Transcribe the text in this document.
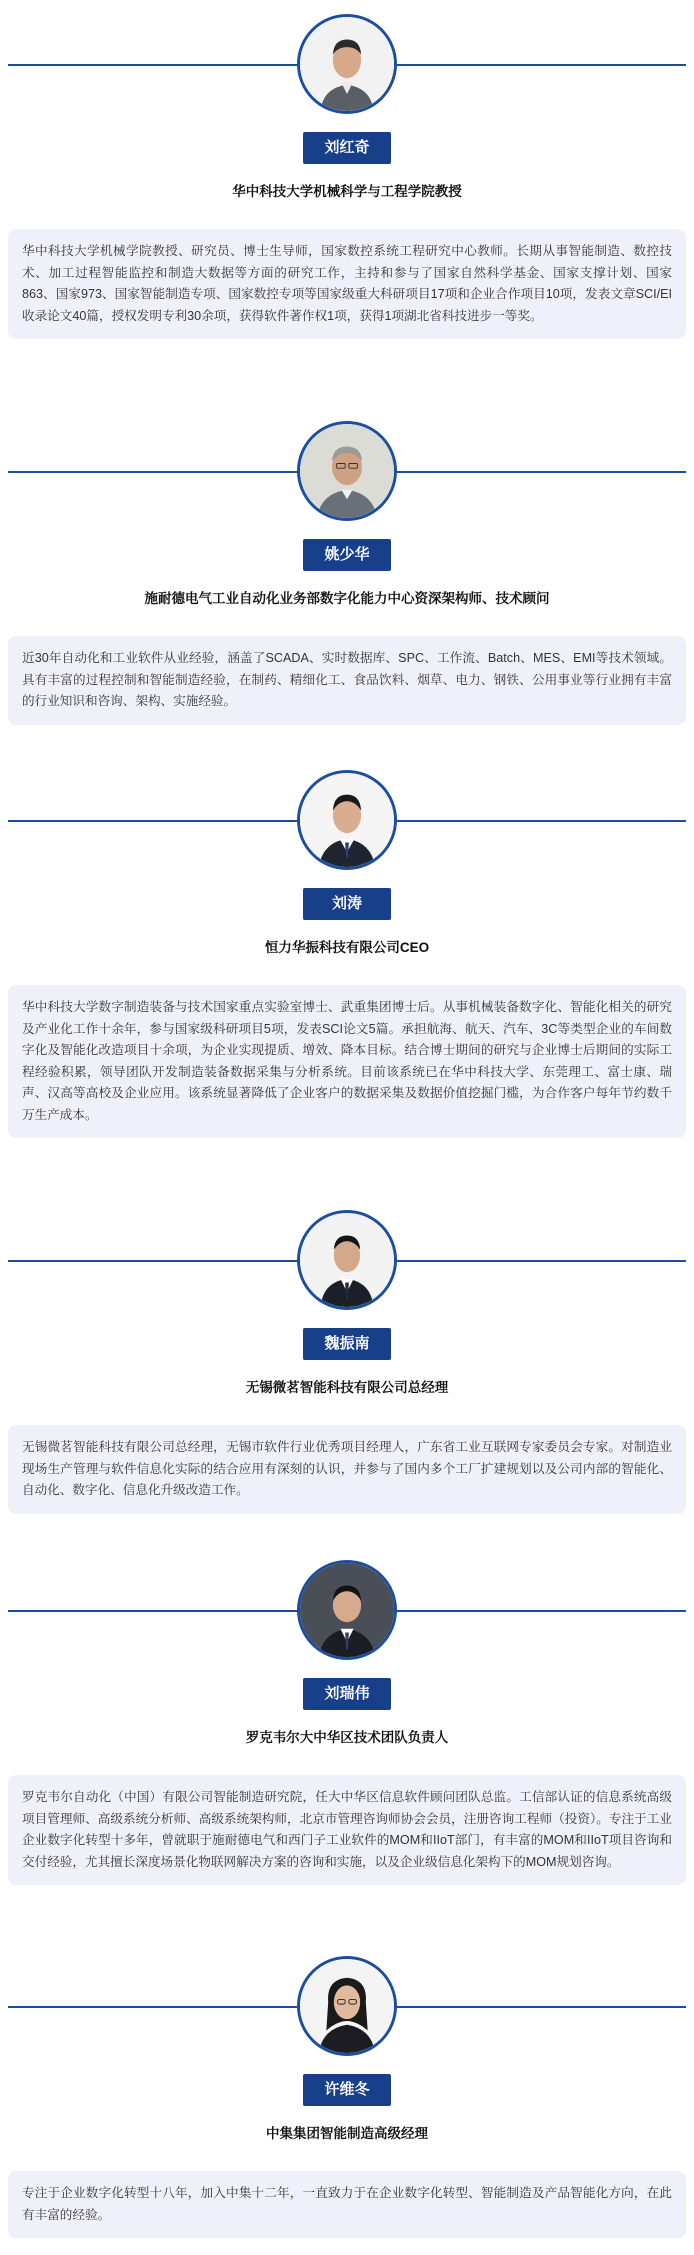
刘红奇
华中科技大学机械科学与工程学院教授
华中科技大学机械学院教授、研究员、博士生导师，国家数控系统工程研究中心教师。长期从事智能制造、数控技术、加工过程智能监控和制造大数据等方面的研究工作，主持和参与了国家自然科学基金、国家支撑计划、国家863、国家973、国家智能制造专项、国家数控专项等国家级重大科研项目17项和企业合作项目10项，发表文章SCI/EI 收录论文40篇，授权发明专利30余项，获得软件著作权1项，获得1项湖北省科技进步一等奖。
姚少华
施耐德电气工业自动化业务部数字化能力中心资深架构师、技术顾问
近30年自动化和工业软件从业经验，涵盖了SCADA、实时数据库、SPC、工作流、Batch、MES、EMI等技术领域。具有丰富的过程控制和智能制造经验，在制药、精细化工、食品饮料、烟草、电力、钢铁、公用事业等行业拥有丰富的行业知识和咨询、架构、实施经验。
刘涛
恒力华振科技有限公司CEO
华中科技大学数字制造装备与技术国家重点实验室博士、武重集团博士后。从事机械装备数字化、智能化相关的研究及产业化工作十余年，参与国家级科研项目5项，发表SCI论文5篇。承担航海、航天、汽车、3C等类型企业的车间数字化及智能化改造项目十余项，为企业实现提质、增效、降本目标。结合博士期间的研究与企业博士后期间的实际工程经验积累，领导团队开发制造装备数据采集与分析系统。目前该系统已在华中科技大学、东莞理工、富士康、瑞声、汉高等高校及企业应用。该系统显著降低了企业客户的数据采集及数据价值挖掘门槛，为合作客户每年节约数千万生产成本。
魏振南
无锡微茗智能科技有限公司总经理
无锡微茗智能科技有限公司总经理，无锡市软件行业优秀项目经理人，广东省工业互联网专家委员会专家。对制造业现场生产管理与软件信息化实际的结合应用有深刻的认识，并参与了国内多个工厂扩建规划以及公司内部的智能化、自动化、数字化、信息化升级改造工作。
刘瑞伟
罗克韦尔大中华区技术团队负责人
罗克韦尔自动化（中国）有限公司智能制造研究院，任大中华区信息软件顾问团队总监。工信部认证的信息系统高级项目管理师、高级系统分析师、高级系统架构师，北京市管理咨询师协会会员，注册咨询工程师（投资）。专注于工业企业数字化转型十多年，曾就职于施耐德电气和西门子工业软件的MOM和IIoT部门，有丰富的MOM和IIoT项目咨询和交付经验，尤其擅长深度场景化物联网解决方案的咨询和实施，以及企业级信息化架构下的MOM规划咨询。
许维冬
中集集团智能制造高级经理
专注于企业数字化转型十八年，加入中集十二年，一直致力于在企业数字化转型、智能制造及产品智能化方向，在此有丰富的经验。
